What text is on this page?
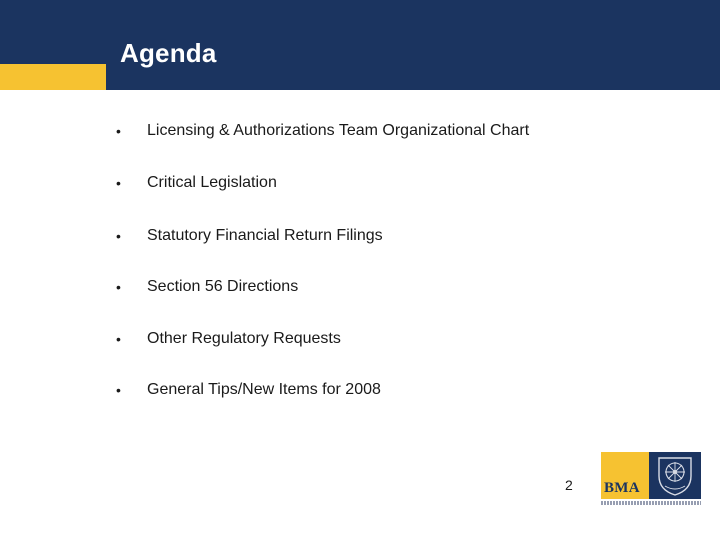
Agenda
•	Licensing & Authorizations Team Organizational Chart
•	Critical Legislation
•	Statutory Financial Return Filings
•	Section 56 Directions
•	Other Regulatory Requests
•	General Tips/New Items for 2008
2 BMA
